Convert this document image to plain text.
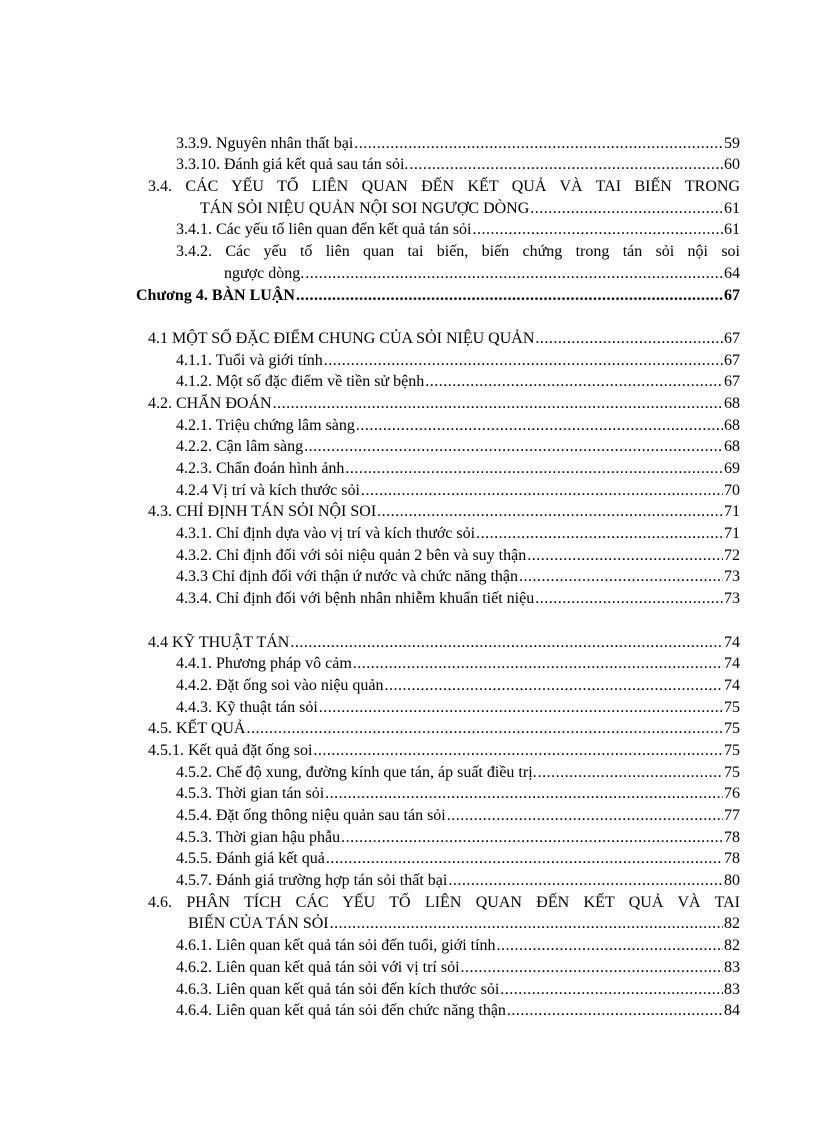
3.3.9. Nguyên nhân thất bại .....	59
3.3.10. Đánh giá kết quả sau tán sỏi. .....	60
3.4. CÁC YẾU TỐ LIÊN QUAN ĐẾN KẾT QUẢ VÀ TAI BIẾN TRONG
TÁN SỎI NIỆU QUẢN NỘI SOI NGƯỢC DÒNG .....	61
3.4.1. Các yếu tố liên quan đến kết quả tán sỏi .....	61
3.4.2. Các yếu tố liên quan tai biến, biến chứng trong tán sỏi nội soi
ngược dòng. .....	64
Chương 4. BÀN LUẬN .....	67
4.1 MỘT SỐ ĐẶC ĐIỂM CHUNG CỦA SỎI NIỆU QUẢN .....	67
4.1.1. Tuổi và giới tính .....	67
4.1.2. Một số đặc điểm về tiền sử bệnh .....	67
4.2. CHẨN ĐOÁN .....	68
4.2.1. Triệu chứng lâm sàng .....	68
4.2.2. Cận lâm sàng .....	68
4.2.3. Chẩn đoán hình ảnh .....	69
4.2.4 Vị trí và kích thước sỏi .....	70
4.3. CHỈ ĐỊNH TÁN SỎI NỘI SOI .....	71
4.3.1. Chỉ định dựa vào vị trí và kích thước sỏi .....	71
4.3.2. Chỉ định đối với sỏi niệu quản 2 bên và suy thận .....	72
4.3.3 Chỉ định đối với thận ứ nước và chức năng thận .....	73
4.3.4. Chỉ định đối với bệnh nhân nhiễm khuẩn tiết niệu .....	73
4.4 KỸ THUẬT TÁN .....	74
4.4.1. Phương pháp vô cảm .....	74
4.4.2. Đặt ống soi vào niệu quản .....	74
4.4.3. Kỹ thuật tán sỏi .....	75
4.5. KẾT QUẢ .....	75
4.5.1. Kết quả đặt ống soi .....	75
4.5.2. Chế độ xung, đường kính que tán, áp suất điều trị. .....	75
4.5.3. Thời gian tán sỏi .....	76
4.5.4. Đặt ống thông niệu quản sau tán sỏi .....	77
4.5.3. Thời gian hậu phẫu .....	78
4.5.5. Đánh giá kết quả .....	78
4.5.7. Đánh giá trường hợp tán sỏi thất bại .....	80
4.6. PHÂN TÍCH CÁC YẾU TỐ LIÊN QUAN ĐẾN KẾT QUẢ VÀ TAI
BIẾN CỦA TÁN SỎI .....	82
4.6.1. Liên quan kết quả tán sỏi đến tuổi, giới tính .....	82
4.6.2. Liên quan kết quả tán sỏi với vị trí sỏi .....	83
4.6.3. Liên quan kết quả tán sỏi đến kích thước sỏi .....	83
4.6.4. Liên quan kết quả tán sỏi đến chức năng thận .....	84
